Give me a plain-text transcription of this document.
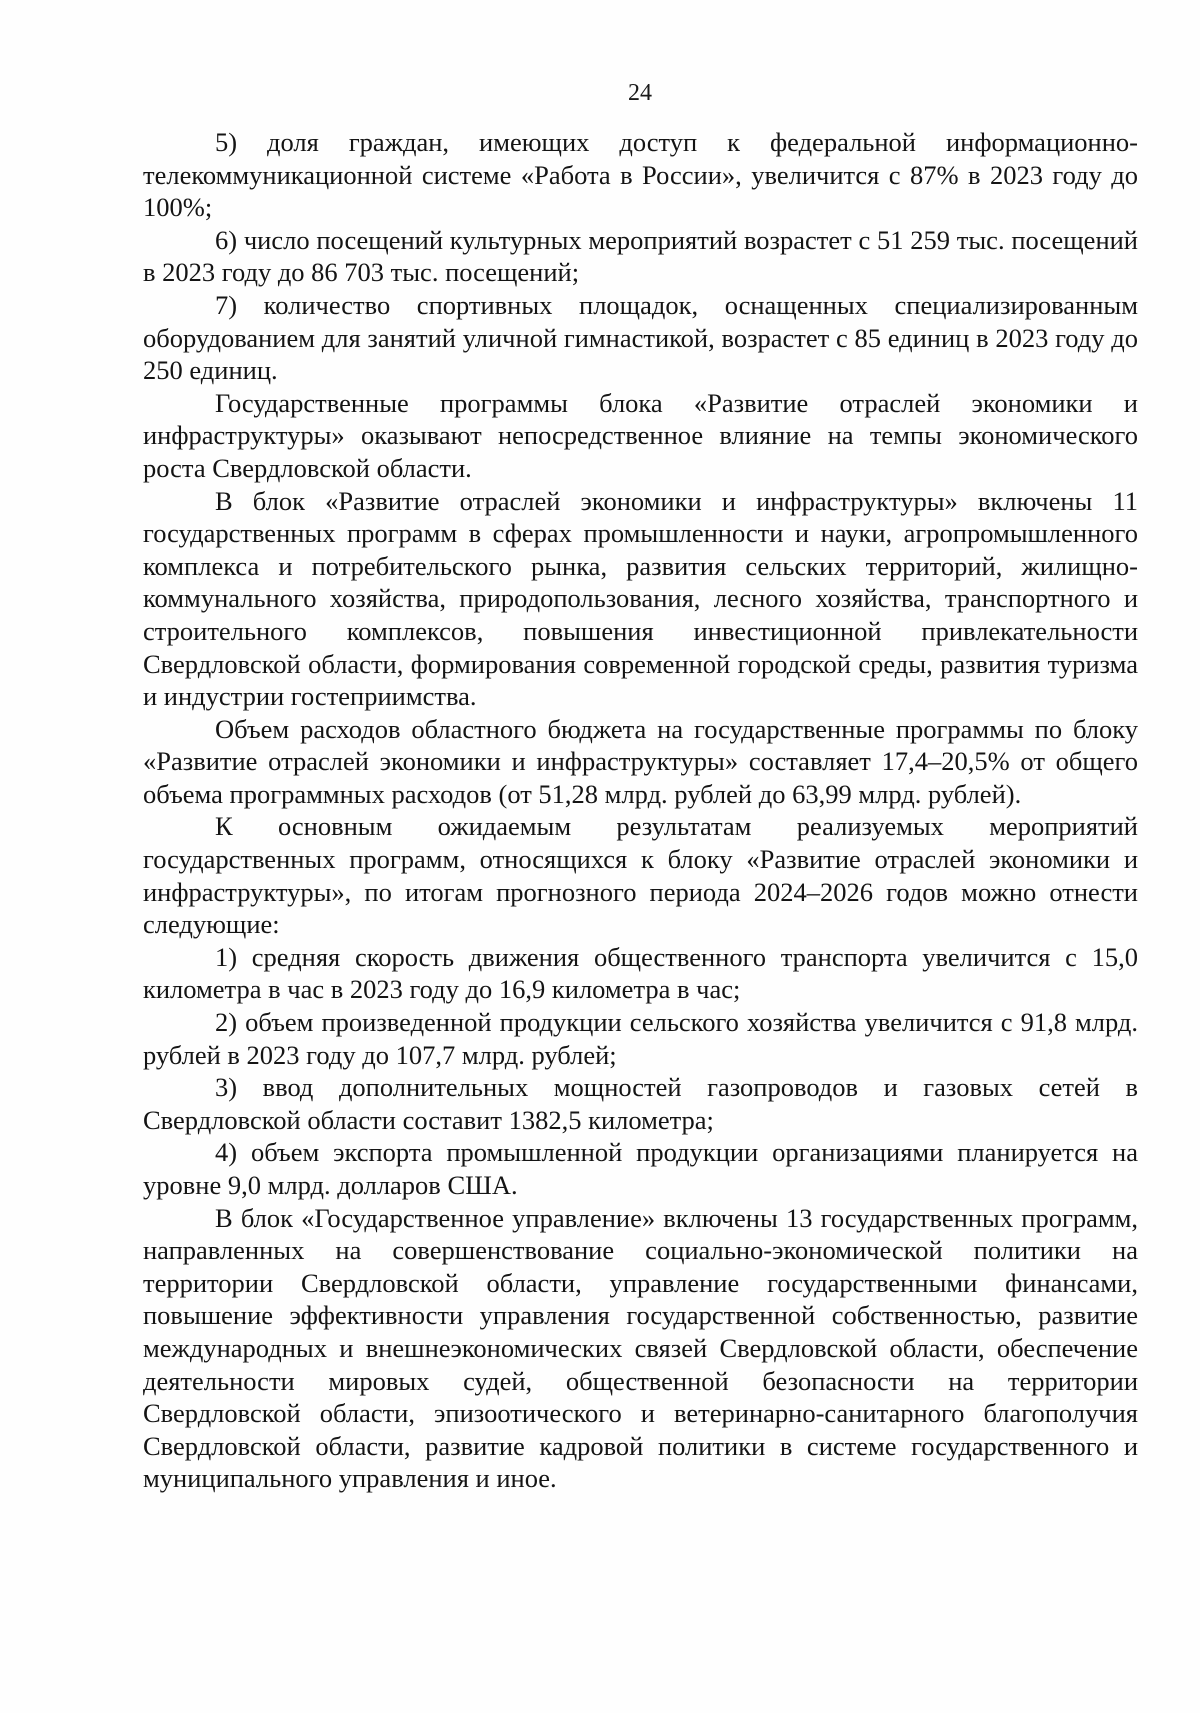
24

5) доля граждан, имеющих доступ к федеральной информационно-телекоммуникационной системе «Работа в России», увеличится с 87% в 2023 году до 100%;

6) число посещений культурных мероприятий возрастет с 51 259 тыс. посещений в 2023 году до 86 703 тыс. посещений;

7) количество спортивных площадок, оснащенных специализированным оборудованием для занятий уличной гимнастикой, возрастет с 85 единиц в 2023 году до 250 единиц.

Государственные программы блока «Развитие отраслей экономики и инфраструктуры» оказывают непосредственное влияние на темпы экономического роста Свердловской области.

В блок «Развитие отраслей экономики и инфраструктуры» включены 11 государственных программ в сферах промышленности и науки, агропромышленного комплекса и потребительского рынка, развития сельских территорий, жилищно-коммунального хозяйства, природопользования, лесного хозяйства, транспортного и строительного комплексов, повышения инвестиционной привлекательности Свердловской области, формирования современной городской среды, развития туризма и индустрии гостеприимства.

Объем расходов областного бюджета на государственные программы по блоку «Развитие отраслей экономики и инфраструктуры» составляет 17,4–20,5% от общего объема программных расходов (от 51,28 млрд. рублей до 63,99 млрд. рублей).

К основным ожидаемым результатам реализуемых мероприятий государственных программ, относящихся к блоку «Развитие отраслей экономики и инфраструктуры», по итогам прогнозного периода 2024–2026 годов можно отнести следующие:

1) средняя скорость движения общественного транспорта увеличится с 15,0 километра в час в 2023 году до 16,9 километра в час;

2) объем произведенной продукции сельского хозяйства увеличится с 91,8 млрд. рублей в 2023 году до 107,7 млрд. рублей;

3) ввод дополнительных мощностей газопроводов и газовых сетей в Свердловской области составит 1382,5 километра;

4) объем экспорта промышленной продукции организациями планируется на уровне 9,0 млрд. долларов США.

В блок «Государственное управление» включены 13 государственных программ, направленных на совершенствование социально-экономической политики на территории Свердловской области, управление государственными финансами, повышение эффективности управления государственной собственностью, развитие международных и внешнеэкономических связей Свердловской области, обеспечение деятельности мировых судей, общественной безопасности на территории Свердловской области, эпизоотического и ветеринарно-санитарного благополучия Свердловской области, развитие кадровой политики в системе государственного и муниципального управления и иное.
